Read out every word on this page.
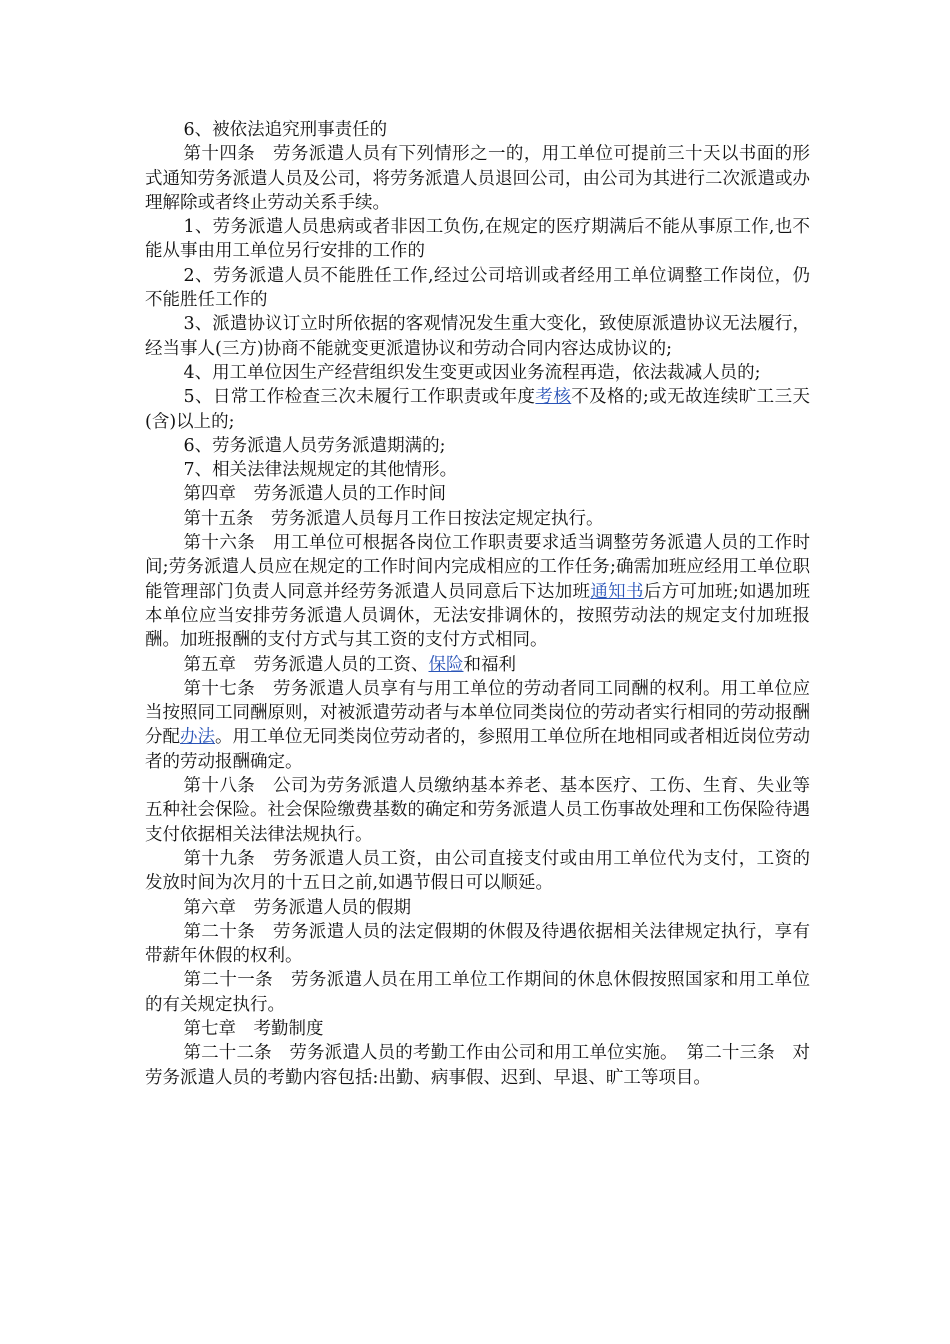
6、被依法追究刑事责任的

第十四条　劳务派遣人员有下列情形之一的，用工单位可提前三十天以书面的形式通知劳务派遣人员及公司，将劳务派遣人员退回公司，由公司为其进行二次派遣或办理解除或者终止劳动关系手续。

1、劳务派遣人员患病或者非因工负伤,在规定的医疗期满后不能从事原工作,也不能从事由用工单位另行安排的工作的

2、劳务派遣人员不能胜任工作,经过公司培训或者经用工单位调整工作岗位，仍不能胜任工作的

3、派遣协议订立时所依据的客观情况发生重大变化，致使原派遣协议无法履行，经当事人(三方)协商不能就变更派遣协议和劳动合同内容达成协议的;

4、用工单位因生产经营组织发生变更或因业务流程再造，依法裁减人员的;

5、日常工作检查三次未履行工作职责或年度考核不及格的;或无故连续旷工三天(含)以上的;

6、劳务派遣人员劳务派遣期满的;

7、相关法律法规规定的其他情形。

第四章　劳务派遣人员的工作时间

第十五条　劳务派遣人员每月工作日按法定规定执行。

第十六条　用工单位可根据各岗位工作职责要求适当调整劳务派遣人员的工作时间;劳务派遣人员应在规定的工作时间内完成相应的工作任务;确需加班应经用工单位职能管理部门负责人同意并经劳务派遣人员同意后下达加班通知书后方可加班;如遇加班本单位应当安排劳务派遣人员调休，无法安排调休的，按照劳动法的规定支付加班报酬。加班报酬的支付方式与其工资的支付方式相同。

第五章　劳务派遣人员的工资、保险和福利

第十七条　劳务派遣人员享有与用工单位的劳动者同工同酬的权利。用工单位应当按照同工同酬原则，对被派遣劳动者与本单位同类岗位的劳动者实行相同的劳动报酬分配办法。用工单位无同类岗位劳动者的，参照用工单位所在地相同或者相近岗位劳动者的劳动报酬确定。

第十八条　公司为劳务派遣人员缴纳基本养老、基本医疗、工伤、生育、失业等五种社会保险。社会保险缴费基数的确定和劳务派遣人员工伤事故处理和工伤保险待遇支付依据相关法律法规执行。

第十九条　劳务派遣人员工资，由公司直接支付或由用工单位代为支付，工资的发放时间为次月的十五日之前,如遇节假日可以顺延。

第六章　劳务派遣人员的假期

第二十条　劳务派遣人员的法定假期的休假及待遇依据相关法律规定执行，享有带薪年休假的权利。

第二十一条　劳务派遣人员在用工单位工作期间的休息休假按照国家和用工单位的有关规定执行。

第七章　考勤制度

第二十二条　劳务派遣人员的考勤工作由公司和用工单位实施。　第二十三条　对劳务派遣人员的考勤内容包括:出勤、病事假、迟到、早退、旷工等项目。
